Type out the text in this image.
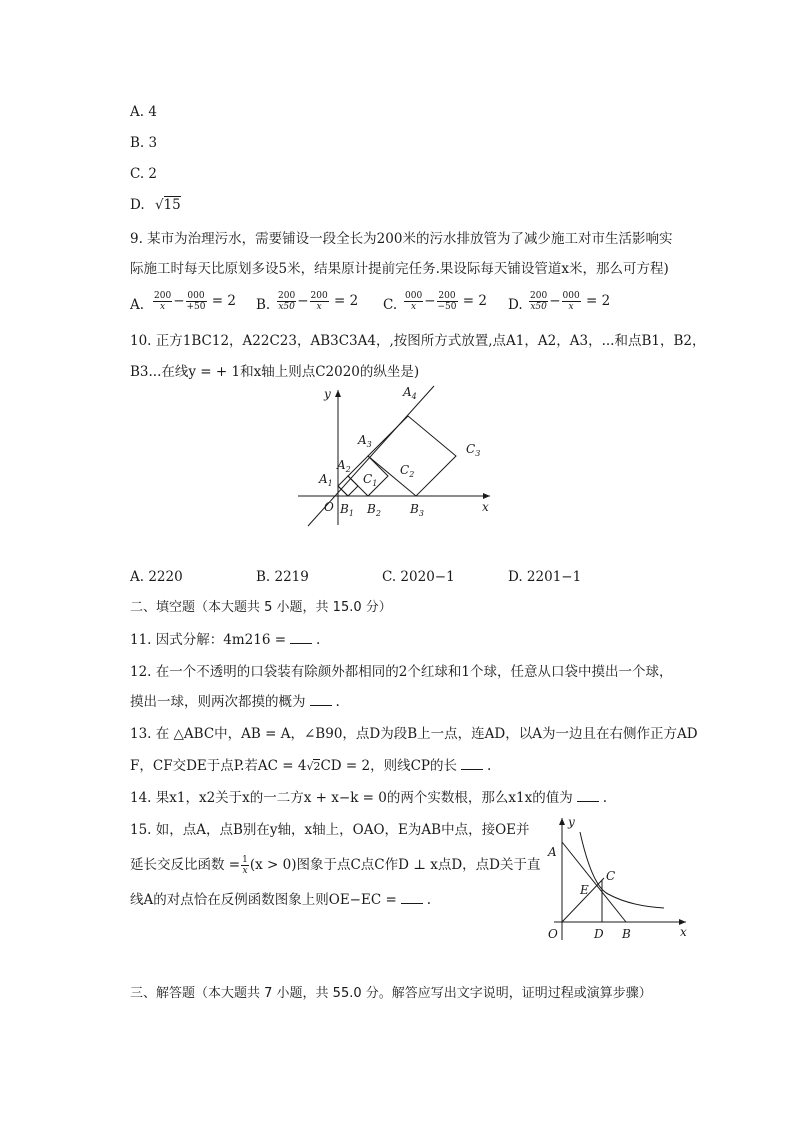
A. 4
B. 3
C. 2
D. √15
9. 某市为治理污水，需要铺设一段全长为200米的污水排放管为了减少施工对市生活影响实
际施工时每天比原划多设5米，结果原计提前完任务.果设际每天铺设管道x米，那么可方程)
A. $\frac{200}{x} - \frac{000}{+50} = 2$ B. $\frac{200}{x50} - \frac{200}{x} = 2$ C. $\frac{000}{x} - \frac{200}{-50} = 2$ D. $\frac{200}{x50} - \frac{000}{x} = 2$
10. 正方1BC12，A22C23，AB3C3A4，,按图所方式放置,点A1，A2，A3，...和点B1，B2，
B3...在线y = + 1和x轴上则点C2020的纵坐是)
y
x
O
$A_1$
$A_2$
$A_3$
$A_4$
$B_1$ $B_2$ $B_3$
$C_1$
$C_2$
$C_3$
A. 2220	B. 2219	C. 2020−1	D. 2201−1
二、填空题（本大题共 5 小题，共 15.0 分）
11. 因式分解：4m216 = .
12. 在一个不透明的口袋装有除颜外都相同的2个红球和1个球，任意从口袋中摸出一个球，
摸出一球，则两次都摸的概为 .
13. 在 △ABC中，AB = A，∠B90，点D为段B上一点，连AD，以A为一边且在右侧作正方AD
F，CF交DE于点P.若AC = 4√2CD = 2，则线CP的长 .
14. 果x1，x2关于x的一二方x + x−k = 0的两个实数根，那么x1x的值为 .
15. 如，点A，点B别在y轴，x轴上，OAO，E为AB中点，接OE并
延长交反比函数 = $\frac{1}{x} (x > 0)$图象于点C点C作D ⊥ x点D，点D关于直
线A的对点恰在反例函数图象上则OE−EC = .
y
x
O
A
B
C
D
E
三、解答题（本大题共 7 小题，共 55.0 分。解答应写出文字说明，证明过程或演算步骤）
